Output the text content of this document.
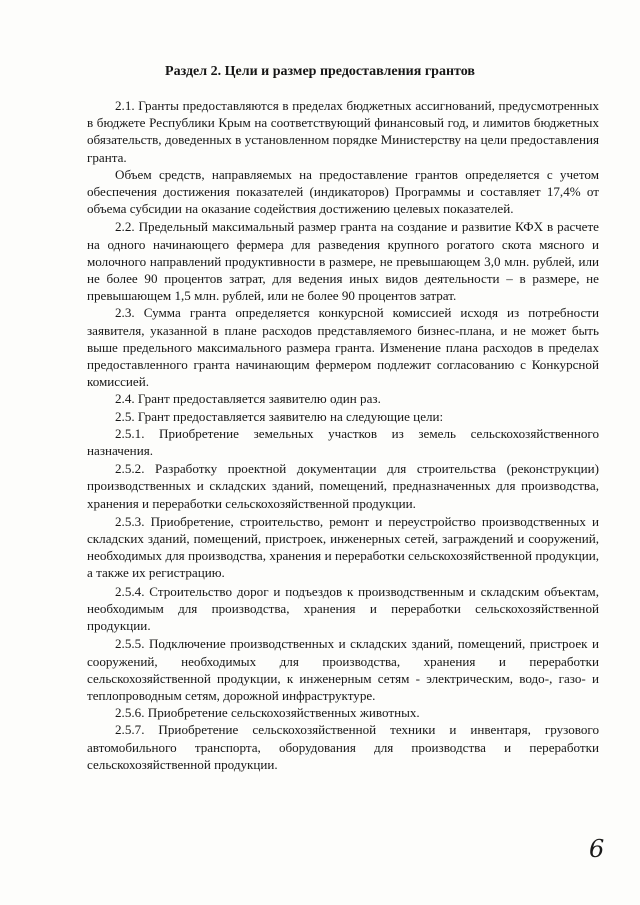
Раздел 2. Цели и размер предоставления грантов

2.1. Гранты предоставляются в пределах бюджетных ассигнований, предусмотренных в бюджете Республики Крым на соответствующий финансовый год, и лимитов бюджетных обязательств, доведенных в установленном порядке Министерству на цели предоставления гранта.

Объем средств, направляемых на предоставление грантов определяется с учетом обеспечения достижения показателей (индикаторов) Программы и составляет 17,4% от объема субсидии на оказание содействия достижению целевых показателей.

2.2. Предельный максимальный размер гранта на создание и развитие КФХ в расчете на одного начинающего фермера для разведения крупного рогатого скота мясного и молочного направлений продуктивности в размере, не превышающем 3,0 млн. рублей, или не более 90 процентов затрат, для ведения иных видов деятельности – в размере, не превышающем 1,5 млн. рублей, или не более 90 процентов затрат.

2.3. Сумма гранта определяется конкурсной комиссией исходя из потребности заявителя, указанной в плане расходов представляемого бизнес-плана, и не может быть выше предельного максимального размера гранта. Изменение плана расходов в пределах предоставленного гранта начинающим фермером подлежит согласованию с Конкурсной комиссией.

2.4. Грант предоставляется заявителю один раз.

2.5. Грант предоставляется заявителю на следующие цели:

2.5.1. Приобретение земельных участков из земель сельскохозяйственного назначения.

2.5.2. Разработку проектной документации для строительства (реконструкции) производственных и складских зданий, помещений, предназначенных для производства, хранения и переработки сельскохозяйственной продукции.

2.5.3. Приобретение, строительство, ремонт и переустройство производственных и складских зданий, помещений, пристроек, инженерных сетей, заграждений и сооружений, необходимых для производства, хранения и переработки сельскохозяйственной продукции, а также их регистрацию.

2.5.4. Строительство дорог и подъездов к производственным и складским объектам, необходимым для производства, хранения и переработки сельскохозяйственной продукции.

2.5.5. Подключение производственных и складских зданий, помещений, пристроек и сооружений, необходимых для производства, хранения и переработки сельскохозяйственной продукции, к инженерным сетям - электрическим, водо-, газо- и теплопроводным сетям, дорожной инфраструктуре.

2.5.6. Приобретение сельскохозяйственных животных.

2.5.7. Приобретение сельскохозяйственной техники и инвентаря, грузового автомобильного транспорта, оборудования для производства и переработки сельскохозяйственной продукции.

6
